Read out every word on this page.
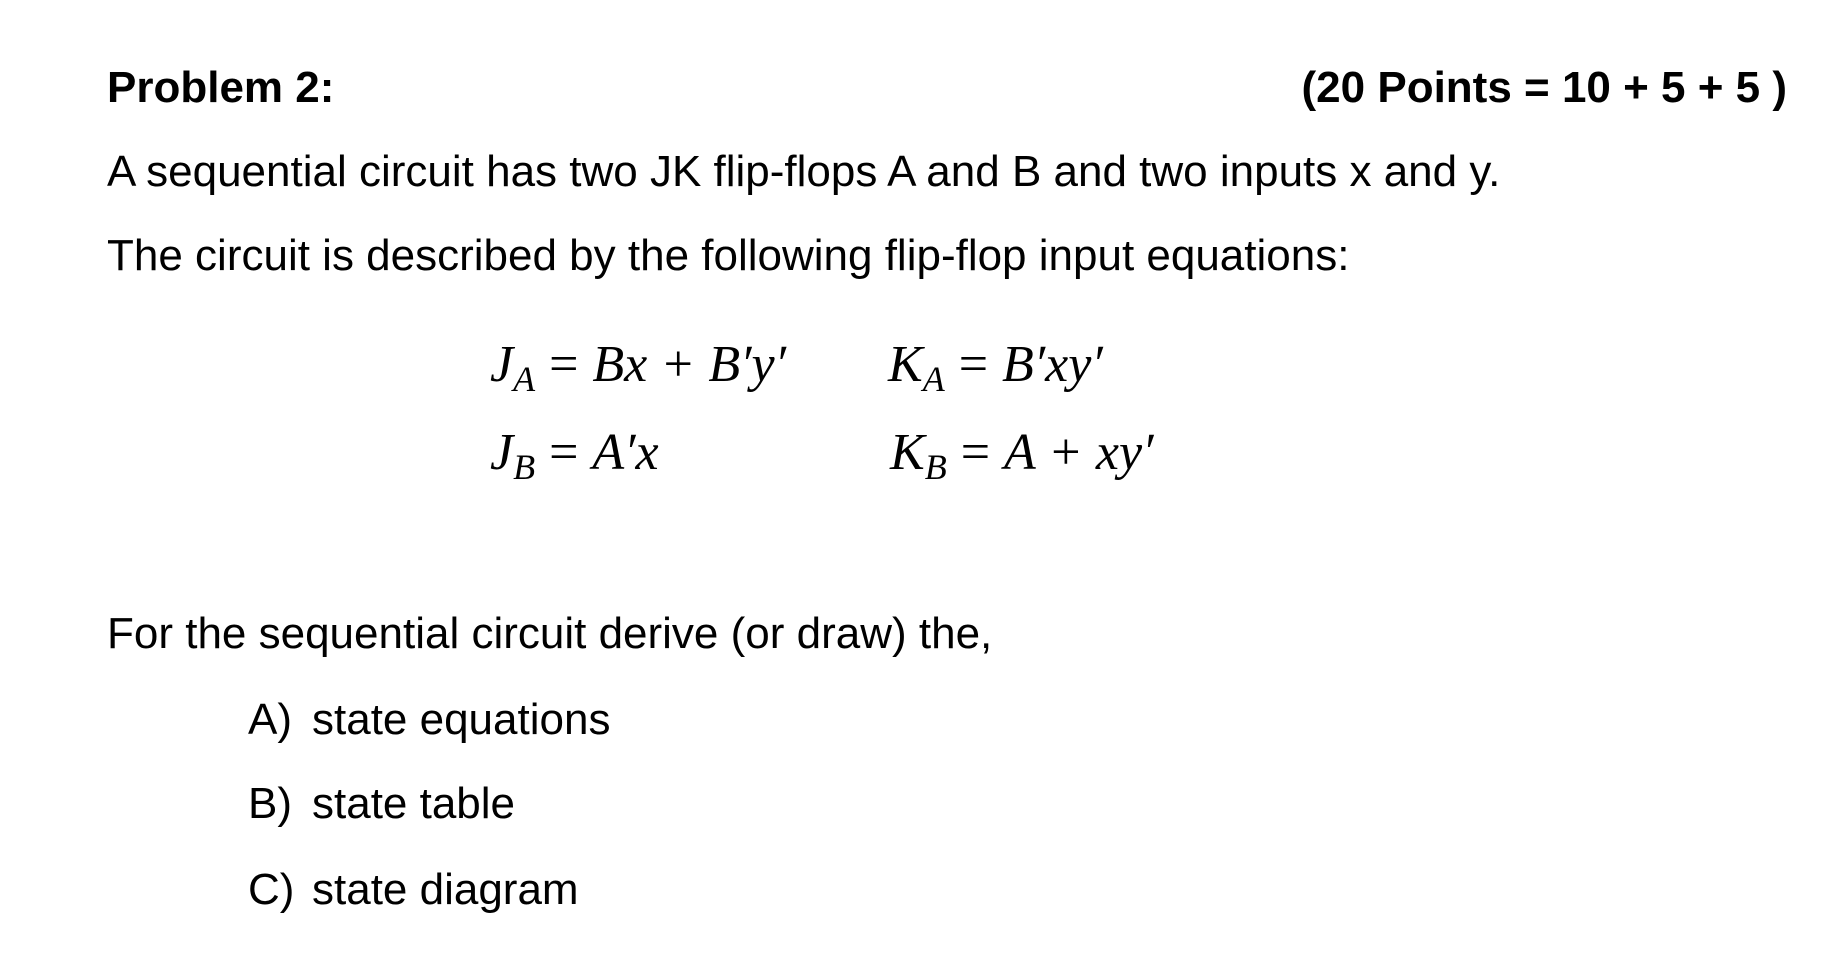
Problem 2:	(20 Points = 10 + 5 + 5 )
A sequential circuit has two JK flip-flops A and B and two inputs x and y.
The circuit is described by the following flip-flop input equations:
$J_A = Bx + B'y'$ $K_A = B'xy'$
$J_B = A'x$	$K_B = A + xy'$
For the sequential circuit derive (or draw) the,
A) state equations
B) state table
C) state diagram
